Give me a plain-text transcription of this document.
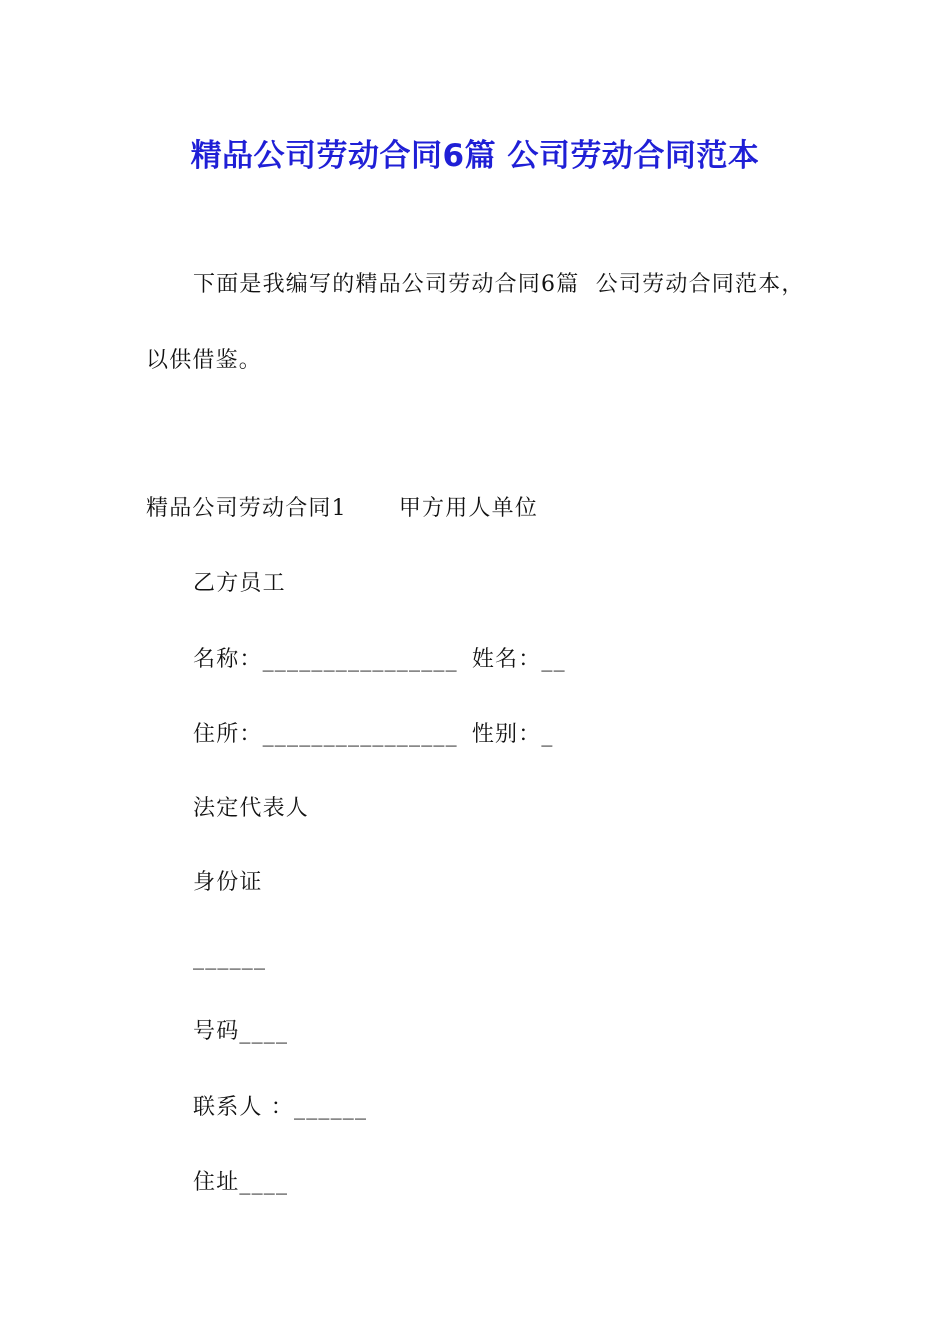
精品公司劳动合同6篇 公司劳动合同范本
下面是我编写的精品公司劳动合同6篇  公司劳动合同范本，
以供借鉴。
精品公司劳动合同1 甲方用人单位
乙方员工
名称：________________ 姓名：__
住所：________________ 性别：_
法定代表人
身份证
______
号码____
联系人 ：______
住址____
